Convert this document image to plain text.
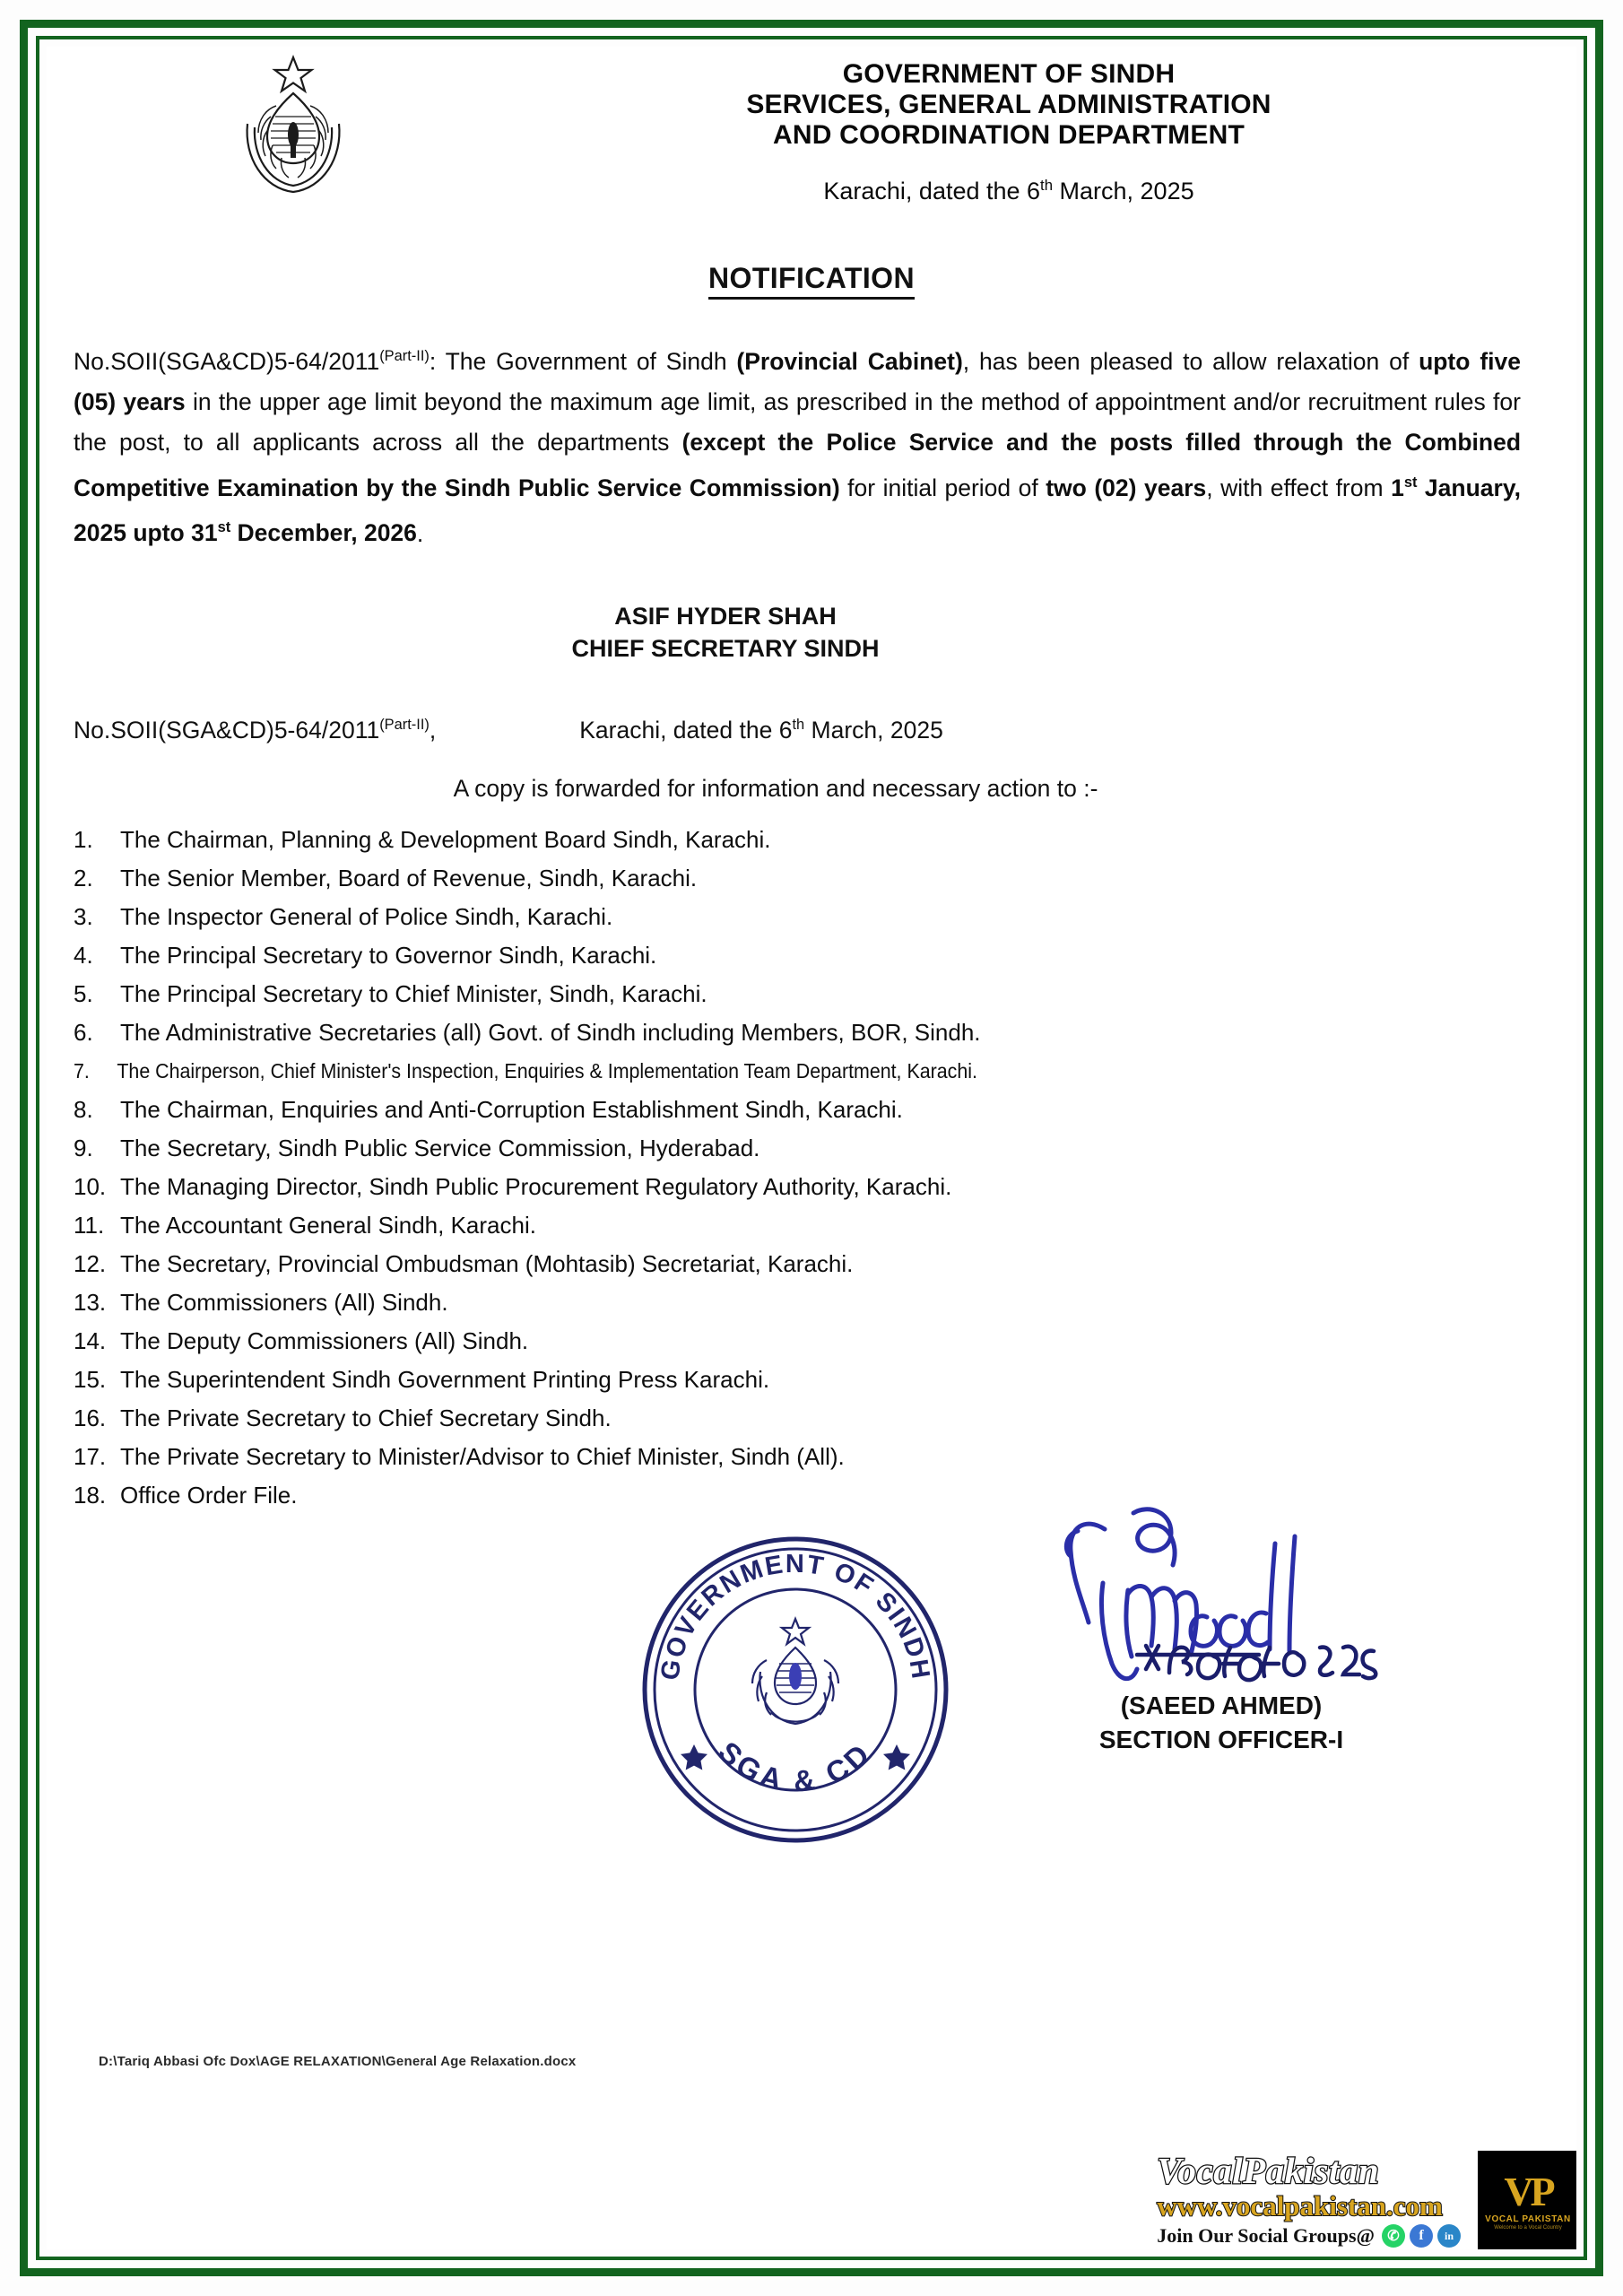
GOVERNMENT OF SINDH
SERVICES, GENERAL ADMINISTRATION
AND COORDINATION DEPARTMENT
Karachi, dated the 6th March, 2025
NOTIFICATION
$No.SOII(SGA\&CD)5-64/2011^{(Part-II)}$: The Government of Sindh (Provincial Cabinet), has been pleased to allow relaxation of upto five (05) years in the upper age limit beyond the maximum age limit, as prescribed in the method of appointment and/or recruitment rules for the post, to all applicants across all the departments (except the Police Service and the posts filled through the Combined Competitive Examination by the Sindh Public Service Commission) for initial period of two (02) years, with effect from 1st January, 2025 upto 31st December, 2026.
ASIF HYDER SHAH
CHIEF SECRETARY SINDH
$No.SOII(SGA\&CD)5-64/2011^{(Part-II)}$,	Karachi, dated the 6th March, 2025
A copy is forwarded for information and necessary action to :-
1.	The Chairman, Planning & Development Board Sindh, Karachi.
2.	The Senior Member, Board of Revenue, Sindh, Karachi.
3.	The Inspector General of Police Sindh, Karachi.
4.	The Principal Secretary to Governor Sindh, Karachi.
5.	The Principal Secretary to Chief Minister, Sindh, Karachi.
6.	The Administrative Secretaries (all) Govt. of Sindh including Members, BOR, Sindh.
7.	The Chairperson, Chief Minister's Inspection, Enquiries & Implementation Team Department, Karachi.
8.	The Chairman, Enquiries and Anti-Corruption Establishment Sindh, Karachi.
9.	The Secretary, Sindh Public Service Commission, Hyderabad.
10. The Managing Director, Sindh Public Procurement Regulatory Authority, Karachi.
11. The Accountant General Sindh, Karachi.
12. The Secretary, Provincial Ombudsman (Mohtasib) Secretariat, Karachi.
13. The Commissioners (All) Sindh.
14. The Deputy Commissioners (All) Sindh.
15. The Superintendent Sindh Government Printing Press Karachi.
16. The Private Secretary to Chief Secretary Sindh.
17. The Private Secretary to Minister/Advisor to Chief Minister, Sindh (All).
18. Office Order File.
GOVERNMENT OF SINDH
SGA & CD
(SAEED AHMED)
SECTION OFFICER-I
D:\Tariq Abbasi Ofc Dox\AGE RELAXATION\General Age Relaxation.docx
VocalPakistan
www.vocalpakistan.com
Join Our Social Groups@ ✆	f	in
VP
VOCAL PAKISTAN
Welcome to a Vocal Country
